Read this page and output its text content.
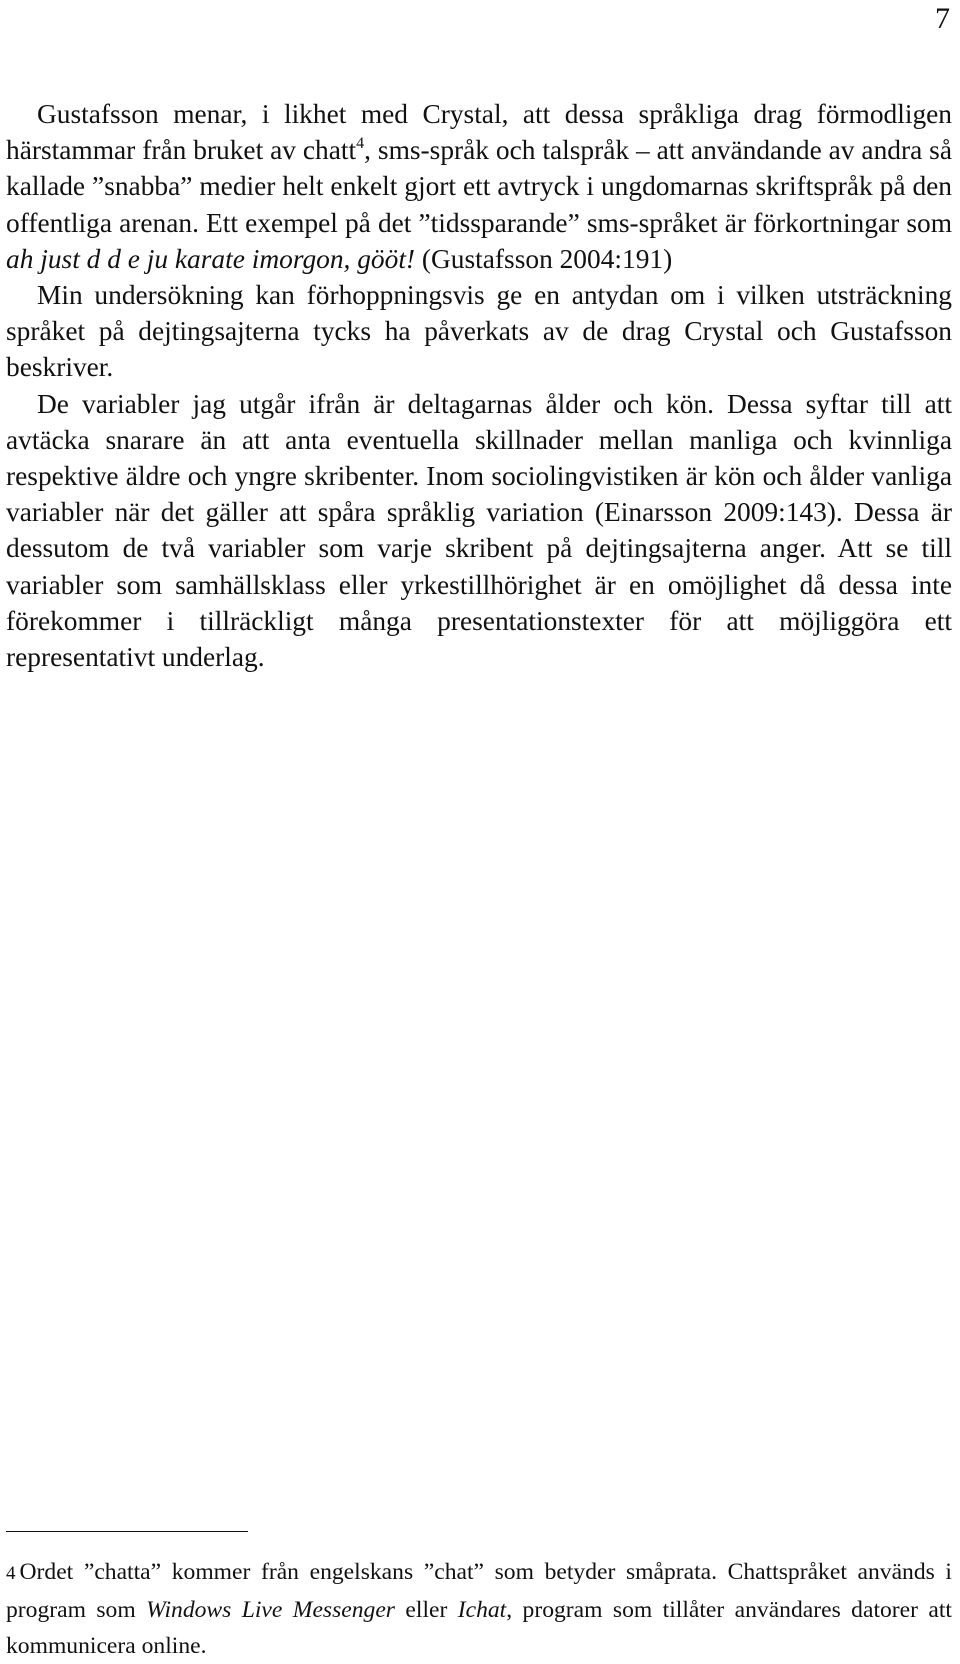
7

Gustafsson menar, i likhet med Crystal, att dessa språkliga drag förmodligen härstammar från bruket av chatt$^4$, sms-språk och talspråk – att användande av andra så kallade ”snabba” medier helt enkelt gjort ett avtryck i ungdomarnas skriftspråk på den offentliga arenan. Ett exempel på det ”tidssparande” sms-språket är förkortningar som ah just d d e ju karate imorgon, gööt! (Gustafsson 2004:191)

Min undersökning kan förhoppningsvis ge en antydan om i vilken utsträckning språket på dejtingsajterna tycks ha påverkats av de drag Crystal och Gustafsson beskriver.

De variabler jag utgår ifrån är deltagarnas ålder och kön. Dessa syftar till att avtäcka snarare än att anta eventuella skillnader mellan manliga och kvinnliga respektive äldre och yngre skribenter. Inom sociolingvistiken är kön och ålder vanliga variabler när det gäller att spåra språklig variation (Einarsson 2009:143). Dessa är dessutom de två variabler som varje skribent på dejtingsajterna anger. Att se till variabler som samhällsklass eller yrkestillhörighet är en omöjlighet då dessa inte förekommer i tillräckligt många presentationstexter för att möjliggöra ett representativt underlag.

4 Ordet ”chatta” kommer från engelskans ”chat” som betyder småprata. Chattspråket används i program som Windows Live Messenger eller Ichat, program som tillåter användares datorer att kommunicera online.
